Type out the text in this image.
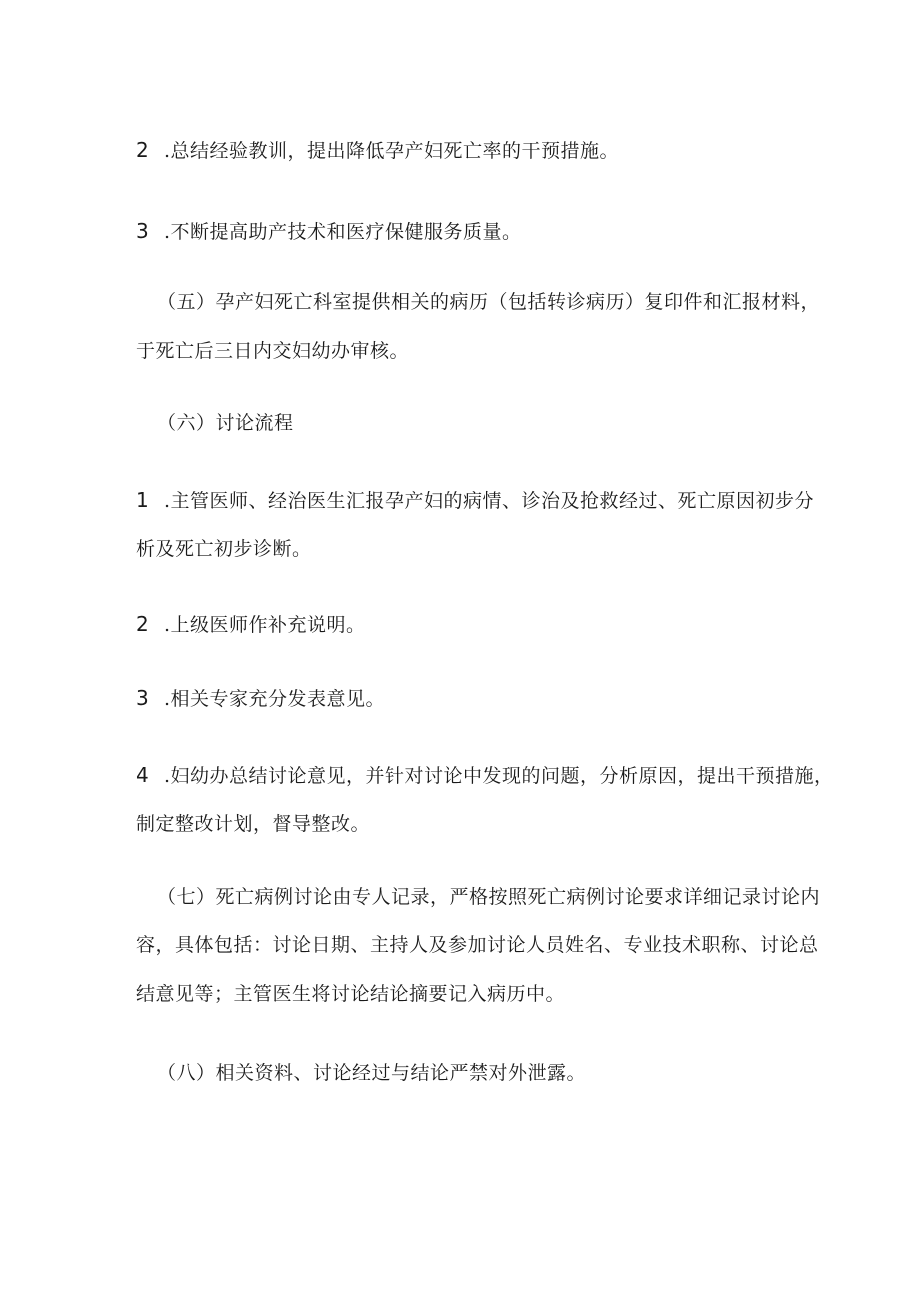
2 .总结经验教训，提出降低孕产妇死亡率的干预措施。
3 .不断提高助产技术和医疗保健服务质量。
（五）孕产妇死亡科室提供相关的病历（包括转诊病历）复印件和汇报材料，
于死亡后三日内交妇幼办审核。
（六）讨论流程
1 .主管医师、经治医生汇报孕产妇的病情、诊治及抢救经过、死亡原因初步分
析及死亡初步诊断。
2 .上级医师作补充说明。
3 .相关专家充分发表意见。
4 .妇幼办总结讨论意见，并针对讨论中发现的问题，分析原因，提出干预措施，
制定整改计划，督导整改。
（七）死亡病例讨论由专人记录，严格按照死亡病例讨论要求详细记录讨论内
容，具体包括：讨论日期、主持人及参加讨论人员姓名、专业技术职称、讨论总
结意见等；主管医生将讨论结论摘要记入病历中。
（八）相关资料、讨论经过与结论严禁对外泄露。
